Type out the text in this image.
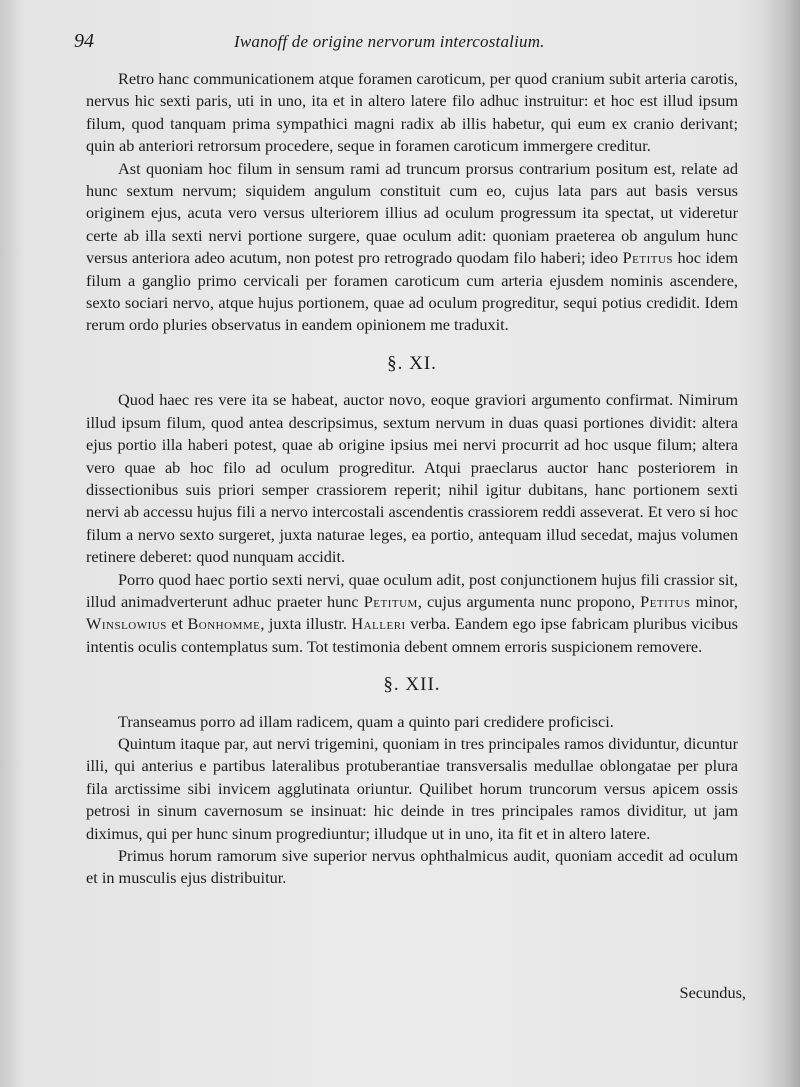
94	Iwanoff de origine nervorum intercostalium.

Retro hanc communicationem atque foramen caroticum, per quod cranium subit arteria carotis, nervus hic sexti paris, uti in uno, ita et in altero latere filo adhuc instruitur: et hoc est illud ipsum filum, quod tanquam prima sympathici magni radix ab illis habetur, qui eum ex cranio derivant; quin ab anteriori retrorsum procedere, seque in foramen caroticum immergere creditur.

Ast quoniam hoc filum in sensum rami ad truncum prorsus contrarium positum est, relate ad hunc sextum nervum; siquidem angulum constituit cum eo, cujus lata pars aut basis versus originem ejus, acuta vero versus ulteriorem illius ad oculum progressum ita spectat, ut videretur certe ab illa sexti nervi portione surgere, quae oculum adit: quoniam praeterea ob angulum hunc versus anteriora adeo acutum, non potest pro retrogrado quodam filo haberi; ideo Petitus hoc idem filum a ganglio primo cervicali per foramen caroticum cum arteria ejusdem nominis ascendere, sexto sociari nervo, atque hujus portionem, quae ad oculum progreditur, sequi potius credidit. Idem rerum ordo pluries observatus in eandem opinionem me traduxit.

§. XI.

Quod haec res vere ita se habeat, auctor novo, eoque graviori argumento confirmat. Nimirum illud ipsum filum, quod antea descripsimus, sextum nervum in duas quasi portiones dividit: altera ejus portio illa haberi potest, quae ab origine ipsius mei nervi procurrit ad hoc usque filum; altera vero quae ab hoc filo ad oculum progreditur. Atqui praeclarus auctor hanc posteriorem in dissectionibus suis priori semper crassiorem reperit; nihil igitur dubitans, hanc portionem sexti nervi ab accessu hujus fili a nervo intercostali ascendentis crassiorem reddi asseverat. Et vero si hoc filum a nervo sexto surgeret, juxta naturae leges, ea portio, antequam illud secedat, majus volumen retinere deberet: quod nunquam accidit.

Porro quod haec portio sexti nervi, quae oculum adit, post conjunctionem hujus fili crassior sit, illud animadverterunt adhuc praeter hunc Petitum, cujus argumenta nunc propono, Petitus minor, Winslowius et Bonhomme, juxta illustr. Halleri verba. Eandem ego ipse fabricam pluribus vicibus intentis oculis contemplatus sum. Tot testimonia debent omnem erroris suspicionem removere.

§. XII.

Transeamus porro ad illam radicem, quam a quinto pari credidere proficisci.

Quintum itaque par, aut nervi trigemini, quoniam in tres principales ramos dividuntur, dicuntur illi, qui anterius e partibus lateralibus protuberantiae transversalis medullae oblongatae per plura fila arctissime sibi invicem agglutinata oriuntur. Quilibet horum truncorum versus apicem ossis petrosi in sinum cavernosum se insinuat: hic deinde in tres principales ramos dividitur, ut jam diximus, qui per hunc sinum progrediuntur; illudque ut in uno, ita fit et in altero latere.

Primus horum ramorum sive superior nervus ophthalmicus audit, quoniam accedit ad oculum et in musculis ejus distribuitur.

Secundus,
